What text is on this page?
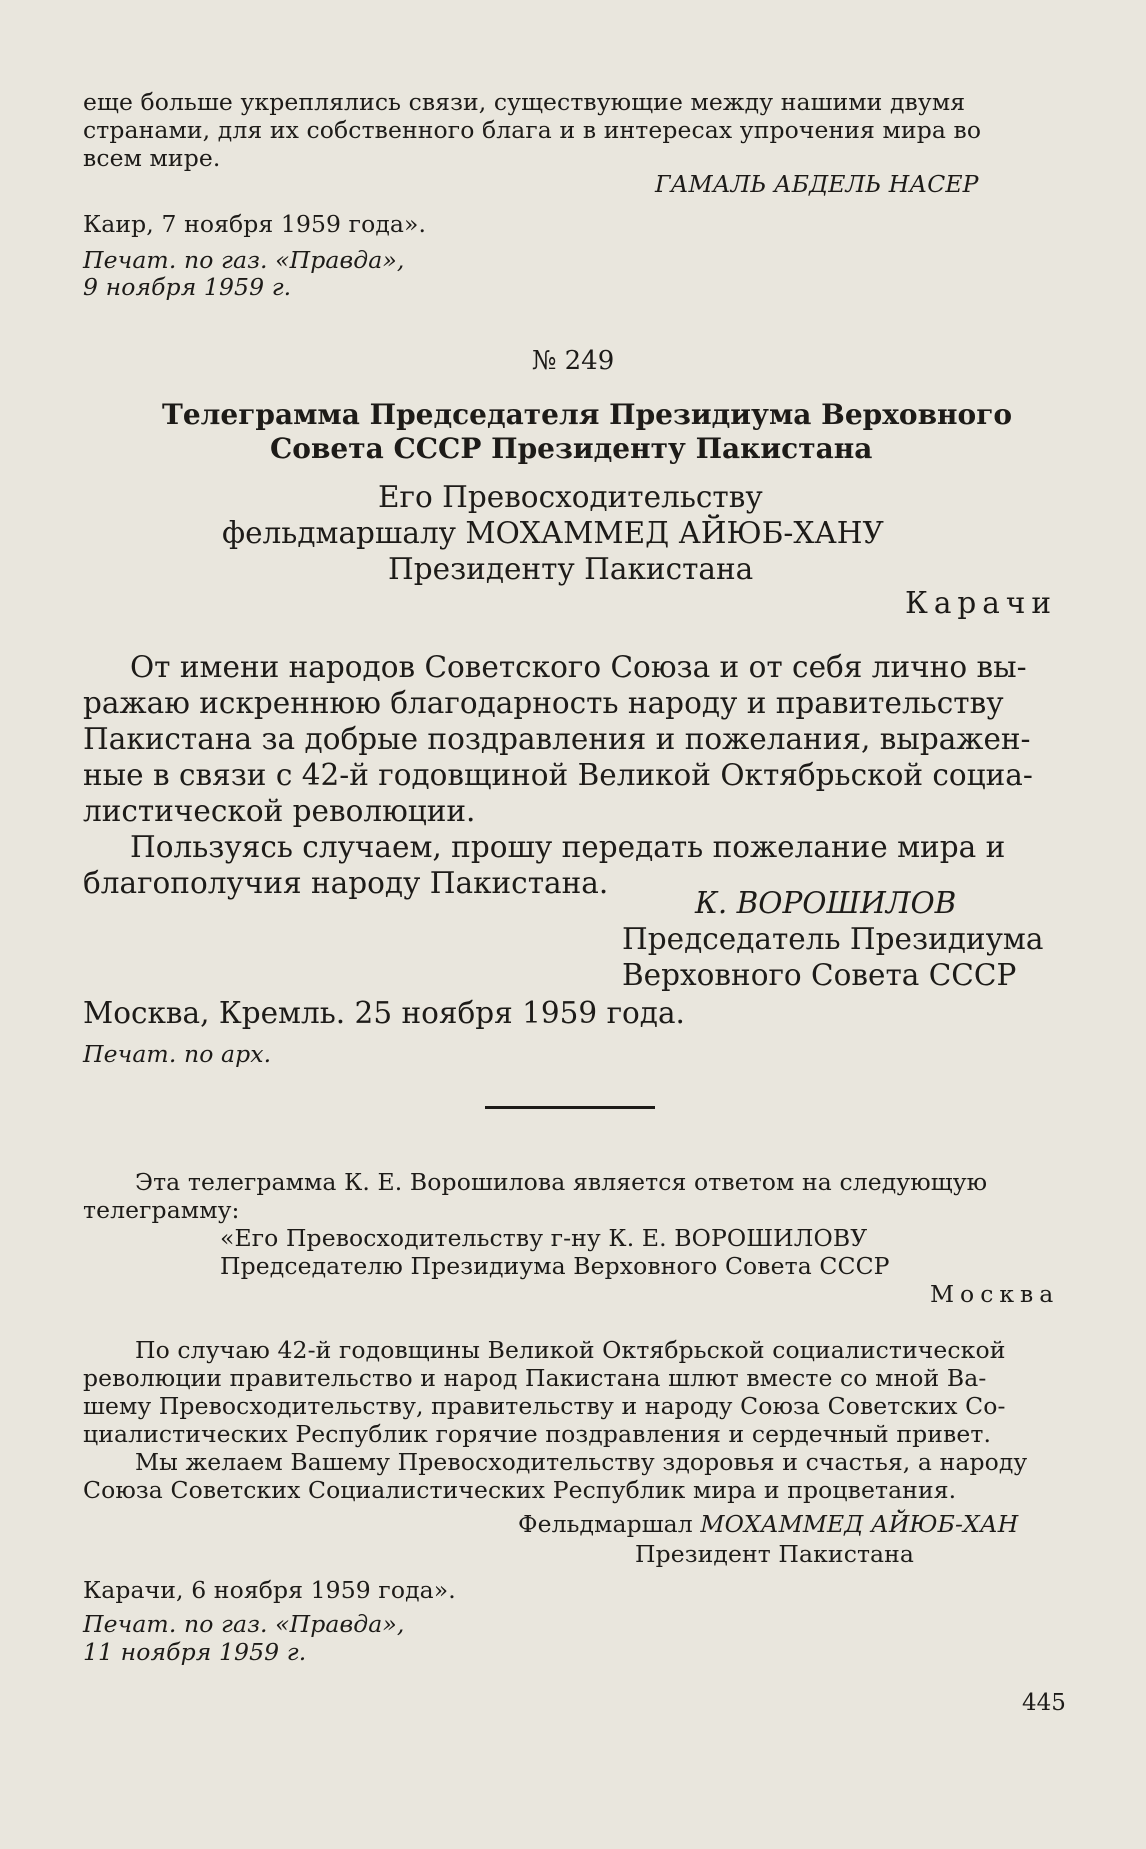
еще больше укреплялись связи, существующие между нашими двумя
странами, для их собственного блага и в интересах упрочения мира во
всем мире.
ГАМАЛЬ АБДЕЛЬ НАСЕР
Каир, 7 ноября 1959 года».
Печат. по газ. «Правда»,
9 ноября 1959 г.
№ 249
Телеграмма Председателя Президиума Верховного
Совета СССР Президенту Пакистана
Его Превосходительству
фельдмаршалу МОХАММЕД АЙЮБ-ХАНУ
Президенту Пакистана
Карачи
От имени народов Советского Союза и от себя лично вы-
ражаю искреннюю благодарность народу и правительству
Пакистана за добрые поздравления и пожелания, выражен-
ные в связи с 42-й годовщиной Великой Октябрьской социа-
листической революции.
Пользуясь случаем, прошу передать пожелание мира и
благополучия народу Пакистана.
К. ВОРОШИЛОВ
Председатель Президиума
Верховного Совета СССР
Москва, Кремль. 25 ноября 1959 года.
Печат. по арх.
Эта телеграмма К. Е. Ворошилова является ответом на следующую
телеграмму:
«Его Превосходительству г-ну К. Е. ВОРОШИЛОВУ
Председателю Президиума Верховного Совета СССР
Москва
По случаю 42-й годовщины Великой Октябрьской социалистической
революции правительство и народ Пакистана шлют вместе со мной Ва-
шему Превосходительству, правительству и народу Союза Советских Со-
циалистических Республик горячие поздравления и сердечный привет.
Мы желаем Вашему Превосходительству здоровья и счастья, а народу
Союза Советских Социалистических Республик мира и процветания.
Фельдмаршал МОХАММЕД АЙЮБ-ХАН
Президент Пакистана
Карачи, 6 ноября 1959 года».
Печат. по газ. «Правда»,
11 ноября 1959 г.
445
